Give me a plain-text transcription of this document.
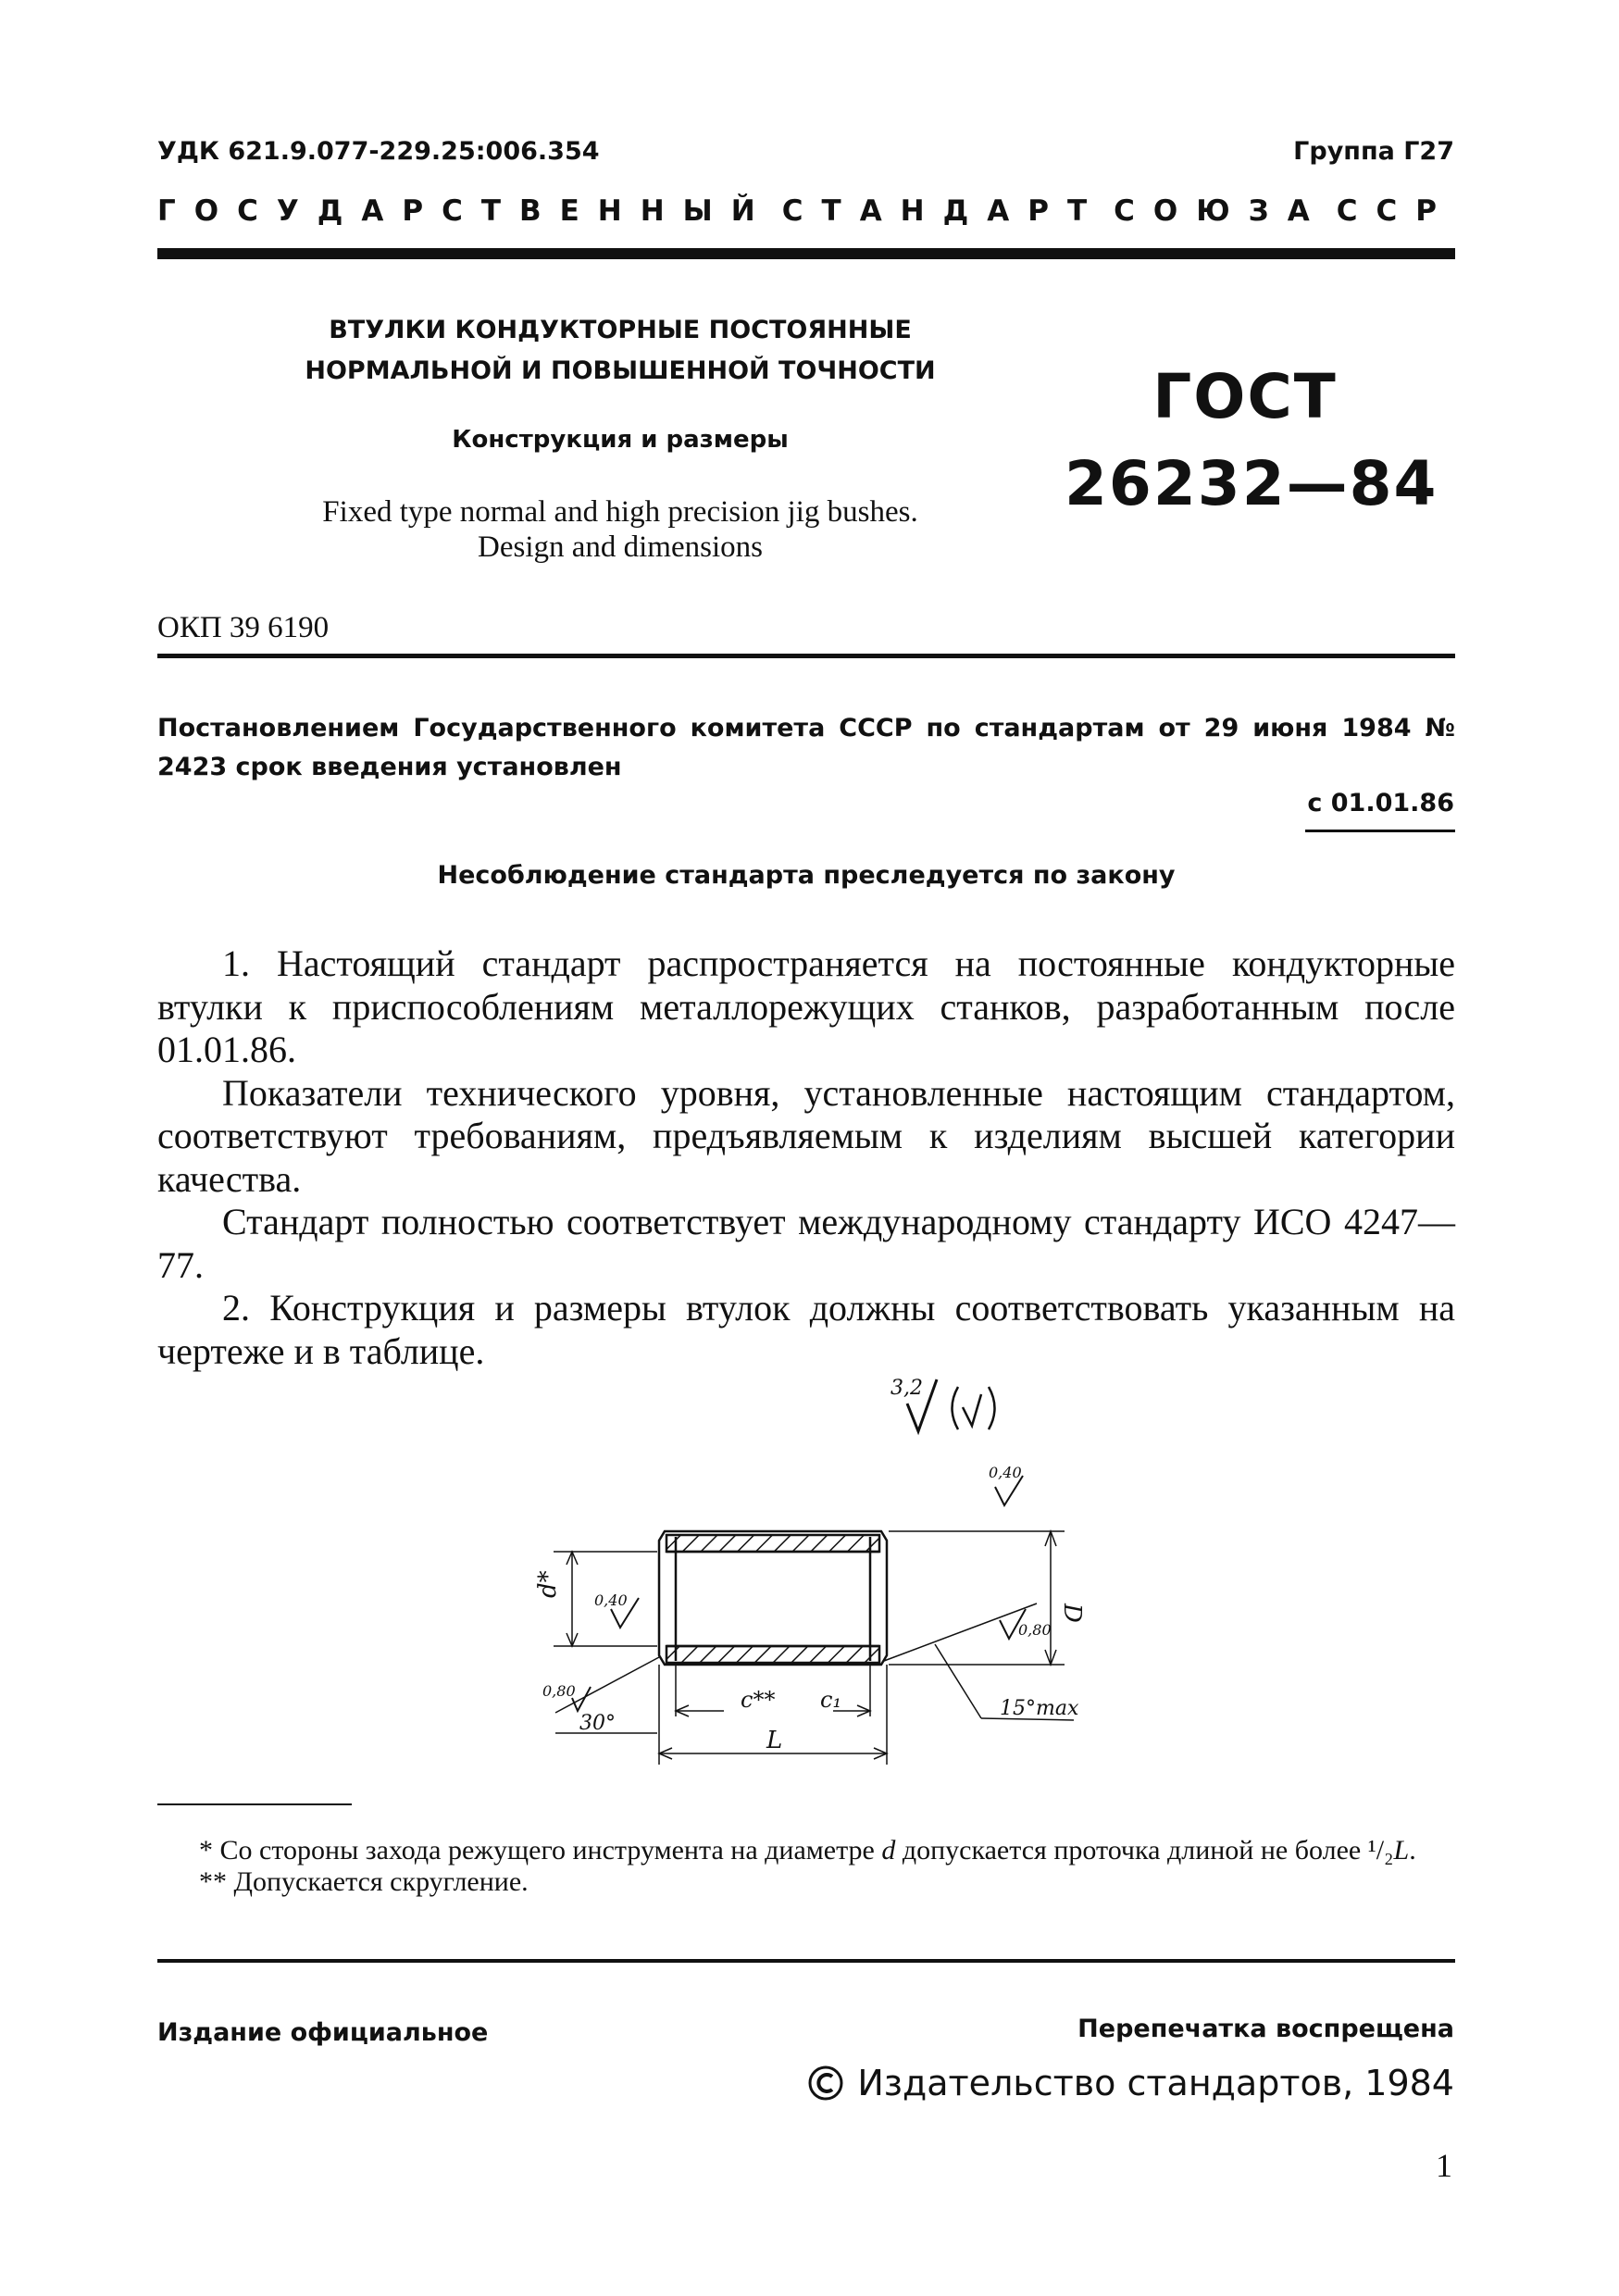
УДК 621.9.077-229.25:006.354	Группа Г27
ГОСУДАРСТВЕННЫЙ СТАНДАРТ СОЮЗА ССР
ВТУЛКИ КОНДУКТОРНЫЕ ПОСТОЯННЫЕ
НОРМАЛЬНОЙ И ПОВЫШЕННОЙ ТОЧНОСТИ
Конструкция и размеры
Fixed type normal and high precision jig bushes.
Design and dimensions
ГОСТ
26232—84
ОКП 39 6190
Постановлением Государственного комитета СССР по стандартам от 29 июня 1984 № 2423 срок введения установлен
с 01.01.86
Несоблюдение стандарта преследуется по закону

1. Настоящий стандарт распространяется на постоянные кондукторные втулки к приспособлениям металлорежущих станков, разработанным после 01.01.86.

Показатели технического уровня, установленные настоящим стандартом, соответствуют требованиям, предъявляемым к изделиям высшей категории качества.

Стандарт полностью соответствует международному стандарту ИСО 4247—77.

2. Конструкция и размеры втулок должны соответствовать указанным на чертеже и в таблице.

3,2
0,40
0,40
0,80
0,80
d*
D
c** c₁
L
30°
15°max

* Со стороны захода режущего инструмента на диаметре d допускается проточка длиной не более ¹/₂L.

** Допускается скругление.

Издание официальное	Перепечатка воспрещена
Издательство стандартов, 1984
1
